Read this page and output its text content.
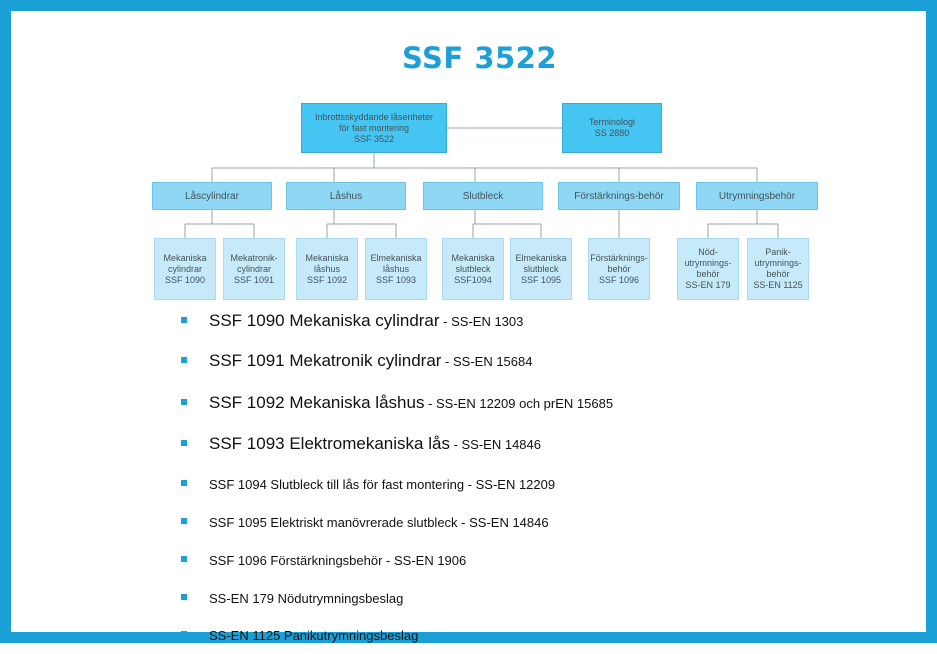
SSF 3522
Inbrottsskyddande låsenheter
för fast montering
SSF 3522
Terminologi
SS 2880
Låscylindrar	Låshus	Slutbleck	Förstärknings-behör	Utrymningsbehör
Mekaniska
cylindrar
SSF 1090
Mekatronik-
cylindrar
SSF 1091
Mekaniska
låshus
SSF 1092
Elmekaniska
låshus
SSF 1093
Mekaniska
slutbleck
SSF1094
Elmekaniska
slutbleck
SSF 1095
Förstärknings-
behör
SSF 1096
Nöd-
utrymnings-
behör
SS-EN 179
Panik-
utrymnings-
behör
SS-EN 1125
SSF 1090 Mekaniska cylindrar - SS-EN 1303
SSF 1091 Mekatronik cylindrar - SS-EN 15684
SSF 1092 Mekaniska låshus - SS-EN 12209 och prEN 15685
SSF 1093 Elektromekaniska lås - SS-EN 14846
SSF 1094 Slutbleck till lås för fast montering - SS-EN 12209
SSF 1095 Elektriskt manövrerade slutbleck - SS-EN 14846
SSF 1096 Förstärkningsbehör - SS-EN 1906
SS-EN 179 Nödutrymningsbeslag
SS-EN 1125 Panikutrymningsbeslag
